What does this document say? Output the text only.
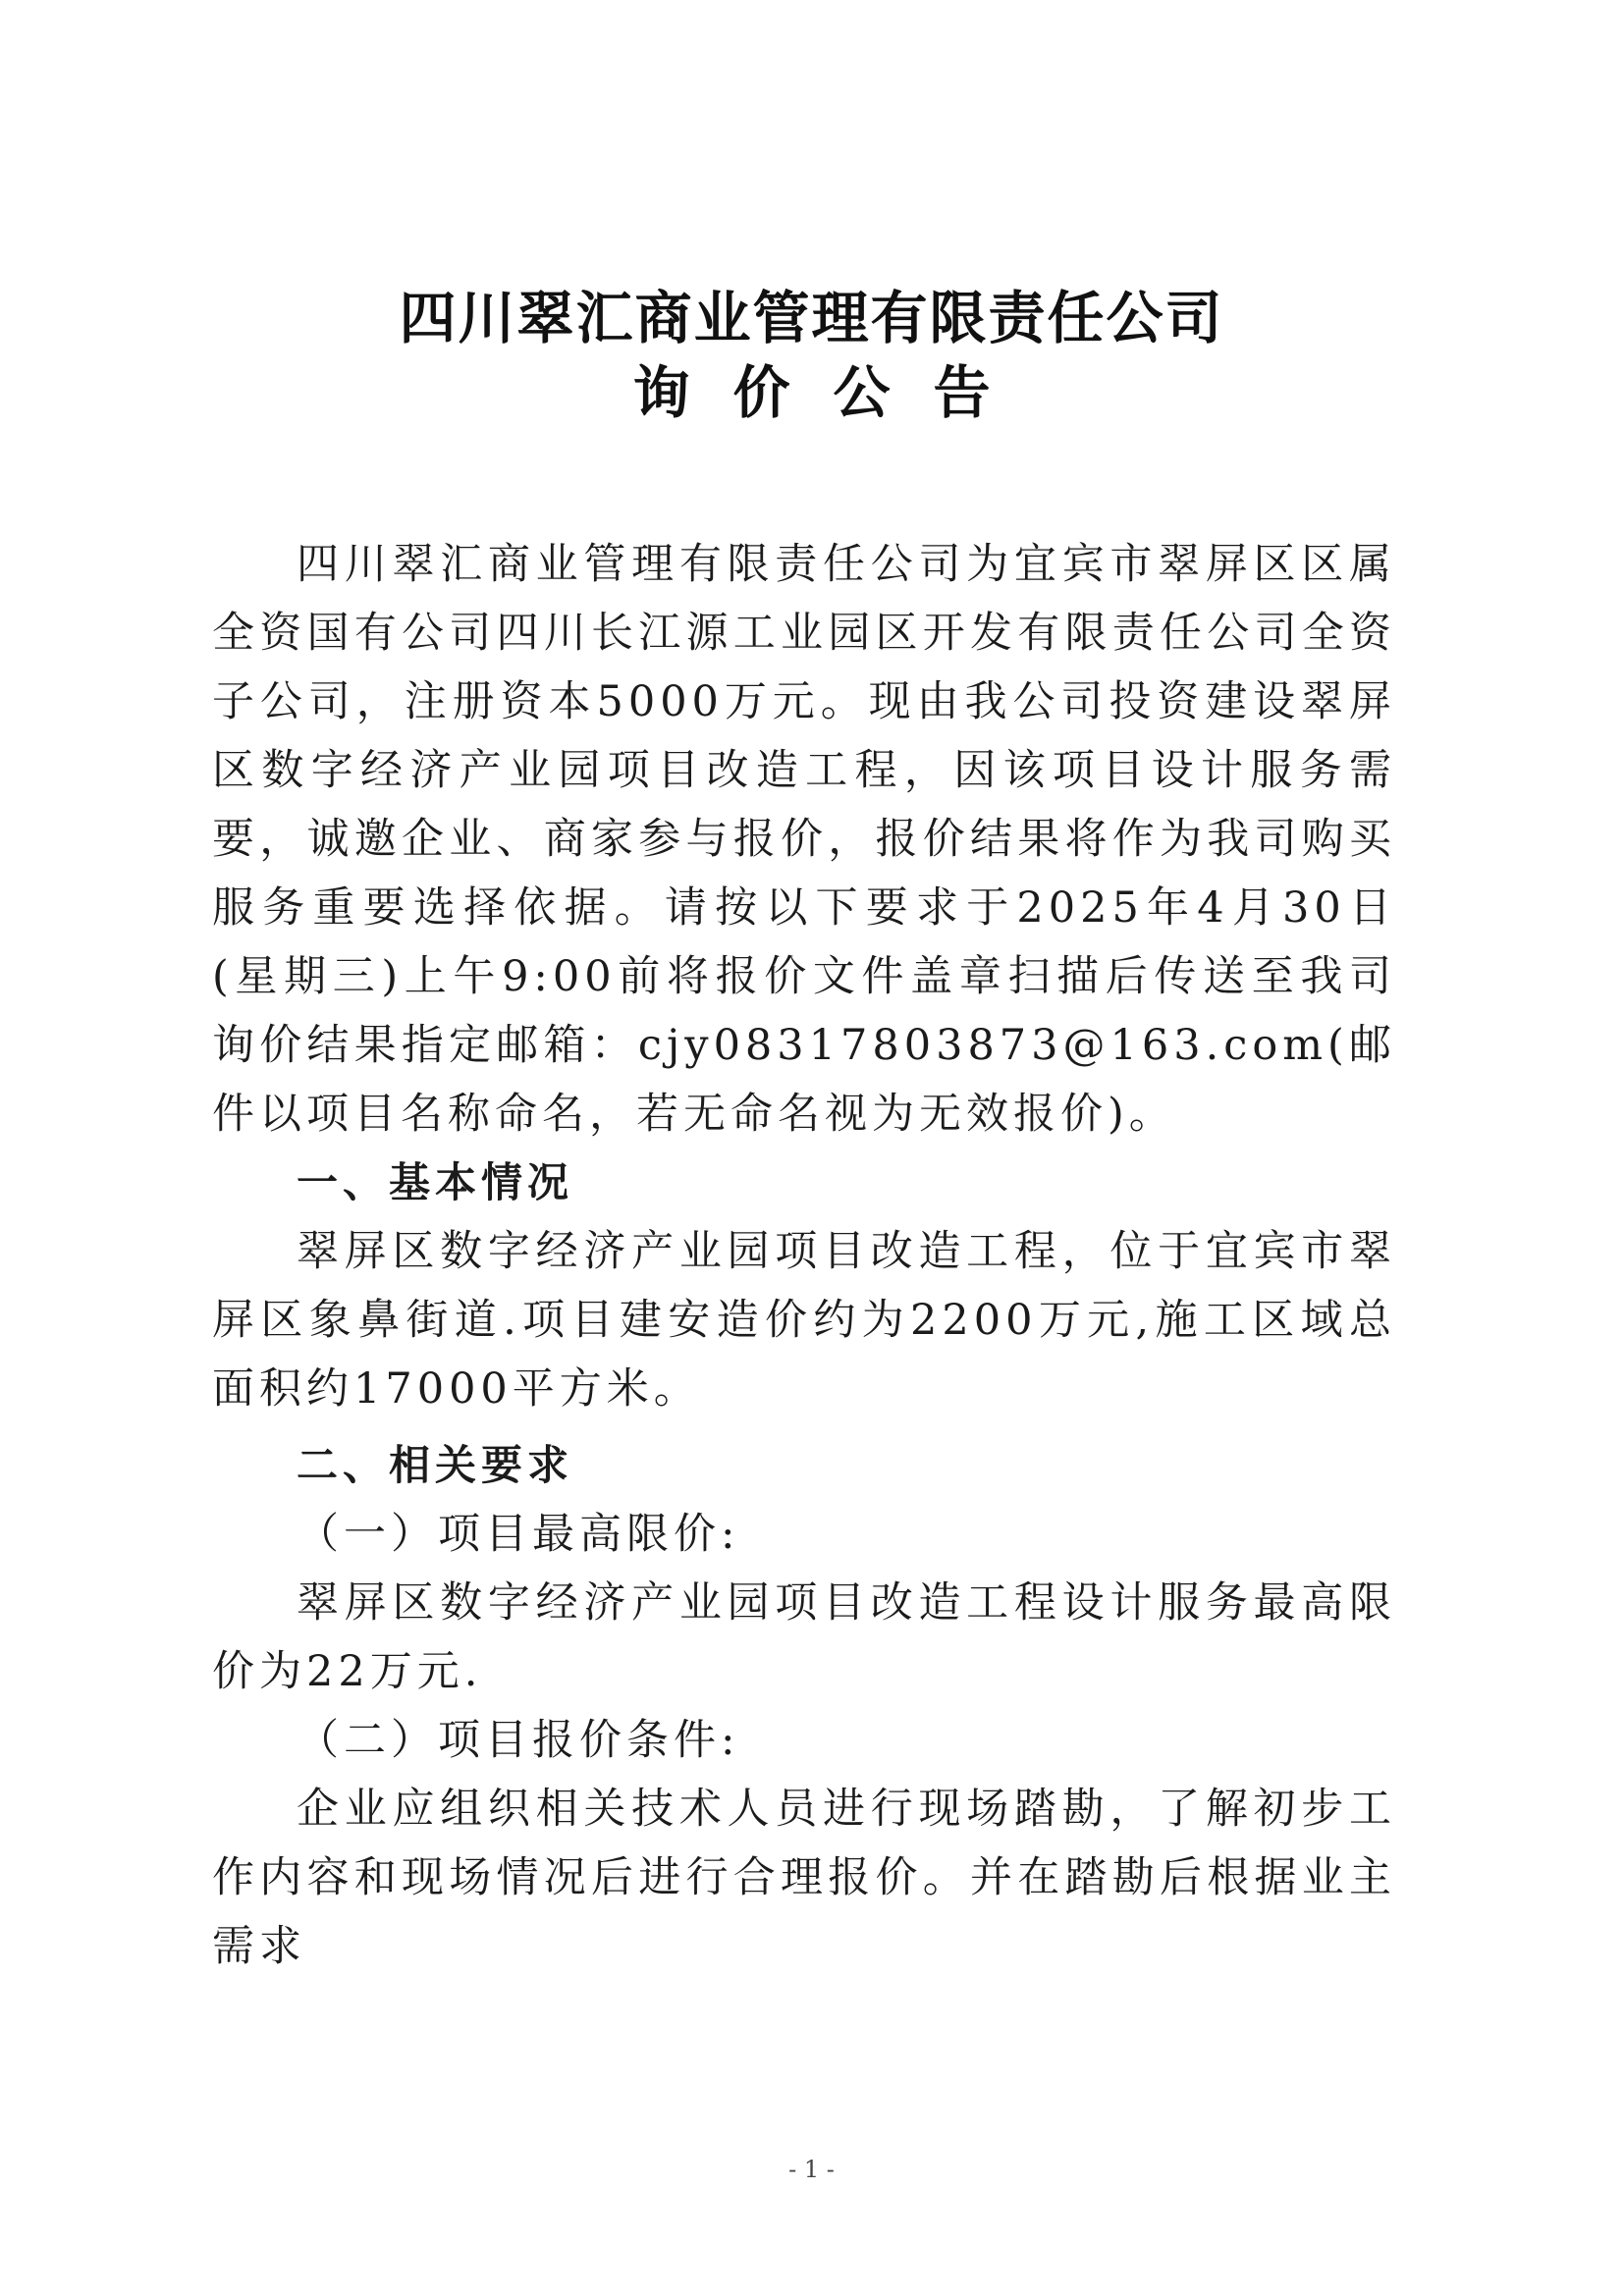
四川翠汇商业管理有限责任公司
询价公告

四川翠汇商业管理有限责任公司为宜宾市翠屏区区属全资国有公司四川长江源工业园区开发有限责任公司全资子公司，注册资本5000万元。现由我公司投资建设翠屏区数字经济产业园项目改造工程，因该项目设计服务需要，诚邀企业、商家参与报价，报价结果将作为我司购买服务重要选择依据。请按以下要求于2025年4月30日(星期三)上午9:00前将报价文件盖章扫描后传送至我司询价结果指定邮箱：cjy08317803873@163.com(邮件以项目名称命名，若无命名视为无效报价)。

一、基本情况

翠屏区数字经济产业园项目改造工程，位于宜宾市翠屏区象鼻街道.项目建安造价约为2200万元,施工区域总面积约17000平方米。

二、相关要求

（一）项目最高限价:

翠屏区数字经济产业园项目改造工程设计服务最高限价为22万元.

（二）项目报价条件:

企业应组织相关技术人员进行现场踏勘，了解初步工作内容和现场情况后进行合理报价。并在踏勘后根据业主需求

- 1 -
